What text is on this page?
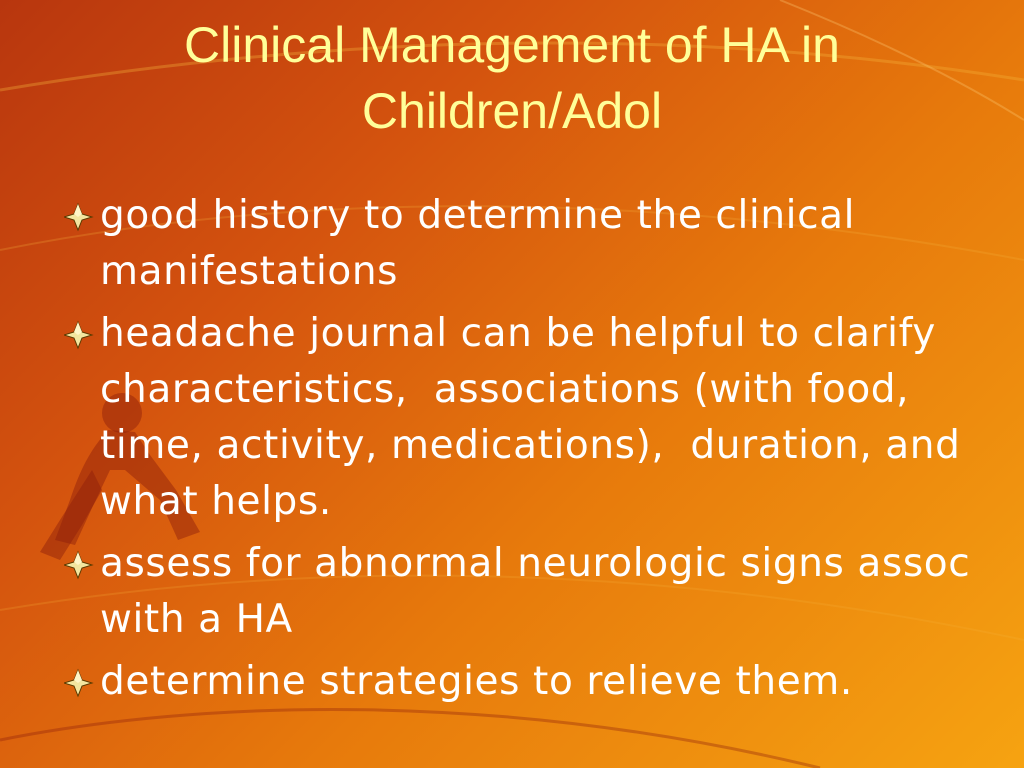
Clinical Management of HA in
Children/Adol
good history to determine the clinical manifestations
headache journal can be helpful to clarify characteristics,  associations (with food, time, activity, medications),  duration, and what helps.
assess for abnormal neurologic signs assoc with a HA
determine strategies to relieve them.
